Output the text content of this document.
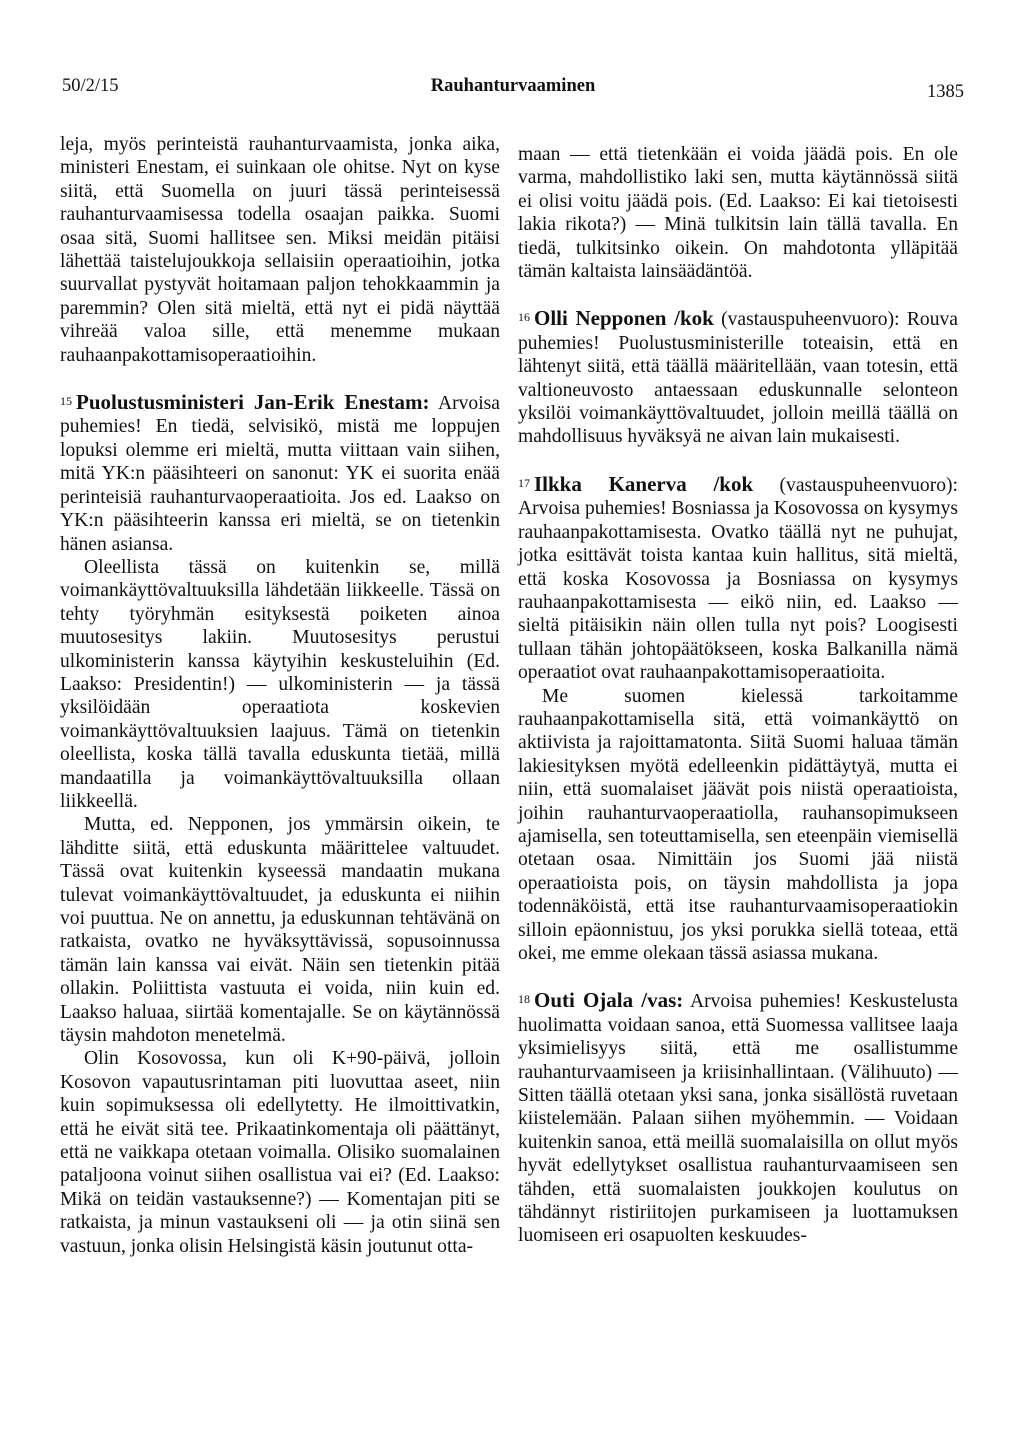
50/2/15	Rauhanturvaaminen	1385

leja, myös perinteistä rauhanturvaamista, jonka aika, ministeri Enestam, ei suinkaan ole ohitse. Nyt on kyse siitä, että Suomella on juuri tässä perinteisessä rauhanturvaamisessa todella osaajan paikka. Suomi osaa sitä, Suomi hallitsee sen. Miksi meidän pitäisi lähettää taistelujoukkoja sellaisiin operaatioihin, jotka suurvallat pystyvät hoitamaan paljon tehokkaammin ja paremmin? Olen sitä mieltä, että nyt ei pidä näyttää vihreää valoa sille, että menemme mukaan rauhaanpakottamisoperaatioihin.

$^{15}$ Puolustusministeri Jan-Erik Enestam: Arvoisa puhemies! En tiedä, selvisikö, mistä me loppujen lopuksi olemme eri mieltä, mutta viittaan vain siihen, mitä YK:n pääsihteeri on sanonut: YK ei suorita enää perinteisiä rauhanturvaoperaatioita. Jos ed. Laakso on YK:n pääsihteerin kanssa eri mieltä, se on tietenkin hänen asiansa.

Oleellista tässä on kuitenkin se, millä voimankäyttövaltuuksilla lähdetään liikkeelle. Tässä on tehty työryhmän esityksestä poiketen ainoa muutosesitys lakiin. Muutosesitys perustui ulkoministerin kanssa käytyihin keskusteluihin (Ed. Laakso: Presidentin!) — ulkoministerin — ja tässä yksilöidään operaatiota koskevien voimankäyttövaltuuksien laajuus. Tämä on tietenkin oleellista, koska tällä tavalla eduskunta tietää, millä mandaatilla ja voimankäyttövaltuuksilla ollaan liikkeellä.

Mutta, ed. Nepponen, jos ymmärsin oikein, te lähditte siitä, että eduskunta määrittelee valtuudet. Tässä ovat kuitenkin kyseessä mandaatin mukana tulevat voimankäyttövaltuudet, ja eduskunta ei niihin voi puuttua. Ne on annettu, ja eduskunnan tehtävänä on ratkaista, ovatko ne hyväksyttävissä, sopusoinnussa tämän lain kanssa vai eivät. Näin sen tietenkin pitää ollakin. Poliittista vastuuta ei voida, niin kuin ed. Laakso haluaa, siirtää komentajalle. Se on käytännössä täysin mahdoton menetelmä.

Olin Kosovossa, kun oli K+90-päivä, jolloin Kosovon vapautusrintaman piti luovuttaa aseet, niin kuin sopimuksessa oli edellytetty. He ilmoittivatkin, että he eivät sitä tee. Prikaatinkomentaja oli päättänyt, että ne vaikkapa otetaan voimalla. Olisiko suomalainen pataljoona voinut siihen osallistua vai ei? (Ed. Laakso: Mikä on teidän vastauksenne?) — Komentajan piti se ratkaista, ja minun vastaukseni oli — ja otin siinä sen vastuun, jonka olisin Helsingistä käsin joutunut otta-

maan — että tietenkään ei voida jäädä pois. En ole varma, mahdollistiko laki sen, mutta käytännössä siitä ei olisi voitu jäädä pois. (Ed. Laakso: Ei kai tietoisesti lakia rikota?) — Minä tulkitsin lain tällä tavalla. En tiedä, tulkitsinko oikein. On mahdotonta ylläpitää tämän kaltaista lainsäädäntöä.

$^{16}$ Olli Nepponen /kok (vastauspuheenvuoro): Rouva puhemies! Puolustusministerille toteaisin, että en lähtenyt siitä, että täällä määritellään, vaan totesin, että valtioneuvosto antaessaan eduskunnalle selonteon yksilöi voimankäyttövaltuudet, jolloin meillä täällä on mahdollisuus hyväksyä ne aivan lain mukaisesti.

$^{17}$ Ilkka Kanerva /kok (vastauspuheenvuoro): Arvoisa puhemies! Bosniassa ja Kosovossa on kysymys rauhaanpakottamisesta. Ovatko täällä nyt ne puhujat, jotka esittävät toista kantaa kuin hallitus, sitä mieltä, että koska Kosovossa ja Bosniassa on kysymys rauhaanpakottamisesta — eikö niin, ed. Laakso — sieltä pitäisikin näin ollen tulla nyt pois? Loogisesti tullaan tähän johtopäätökseen, koska Balkanilla nämä operaatiot ovat rauhaanpakottamisoperaatioita.

Me suomen kielessä tarkoitamme rauhaanpakottamisella sitä, että voimankäyttö on aktiivista ja rajoittamatonta. Siitä Suomi haluaa tämän lakiesityksen myötä edelleenkin pidättäytyä, mutta ei niin, että suomalaiset jäävät pois niistä operaatioista, joihin rauhanturvaoperaatiolla, rauhansopimukseen ajamisella, sen toteuttamisella, sen eteenpäin viemisellä otetaan osaa. Nimittäin jos Suomi jää niistä operaatioista pois, on täysin mahdollista ja jopa todennäköistä, että itse rauhanturvaamisoperaatiokin silloin epäonnistuu, jos yksi porukka siellä toteaa, että okei, me emme olekaan tässä asiassa mukana.

$^{18}$ Outi Ojala /vas: Arvoisa puhemies! Keskustelusta huolimatta voidaan sanoa, että Suomessa vallitsee laaja yksimielisyys siitä, että me osallistumme rauhanturvaamiseen ja kriisinhallintaan. (Välihuuto) — Sitten täällä otetaan yksi sana, jonka sisällöstä ruvetaan kiistelemään. Palaan siihen myöhemmin. — Voidaan kuitenkin sanoa, että meillä suomalaisilla on ollut myös hyvät edellytykset osallistua rauhanturvaamiseen sen tähden, että suomalaisten joukkojen koulutus on tähdännyt ristiriitojen purkamiseen ja luottamuksen luomiseen eri osapuolten keskuudes-
